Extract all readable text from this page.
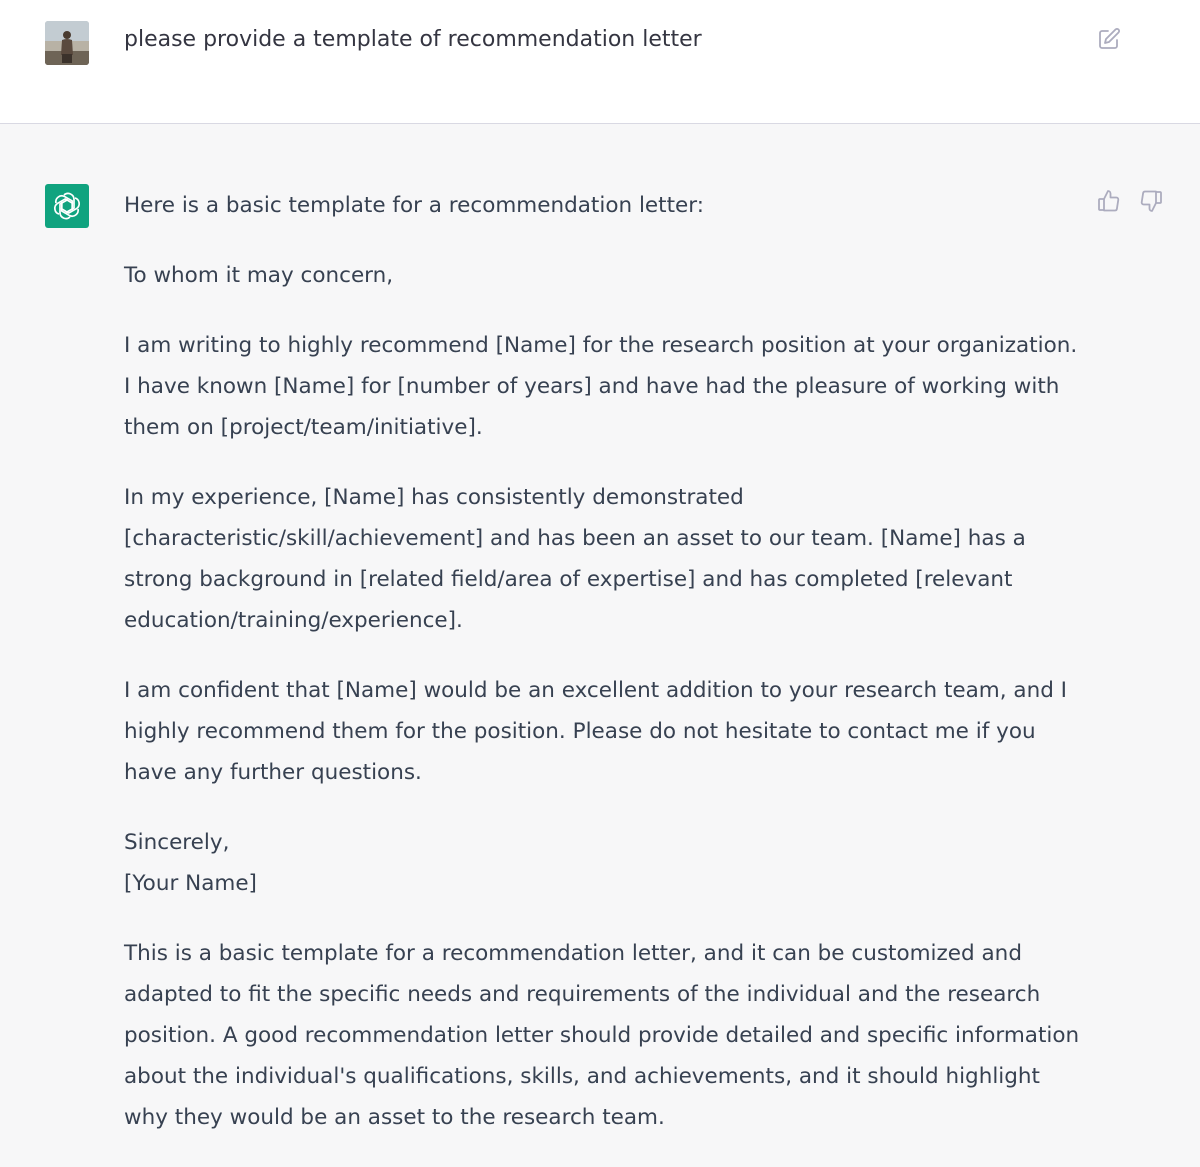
please provide a template of recommendation letter

Here is a basic template for a recommendation letter:

To whom it may concern,

I am writing to highly recommend [Name] for the research position at your organization. I have known [Name] for [number of years] and have had the pleasure of working with them on [project/team/initiative].

In my experience, [Name] has consistently demonstrated [characteristic/skill/achievement] and has been an asset to our team. [Name] has a strong background in [related field/area of expertise] and has completed [relevant education/training/experience].

I am confident that [Name] would be an excellent addition to your research team, and I highly recommend them for the position. Please do not hesitate to contact me if you have any further questions.

Sincerely,
[Your Name]

This is a basic template for a recommendation letter, and it can be customized and adapted to fit the specific needs and requirements of the individual and the research position. A good recommendation letter should provide detailed and specific information about the individual's qualifications, skills, and achievements, and it should highlight why they would be an asset to the research team.
